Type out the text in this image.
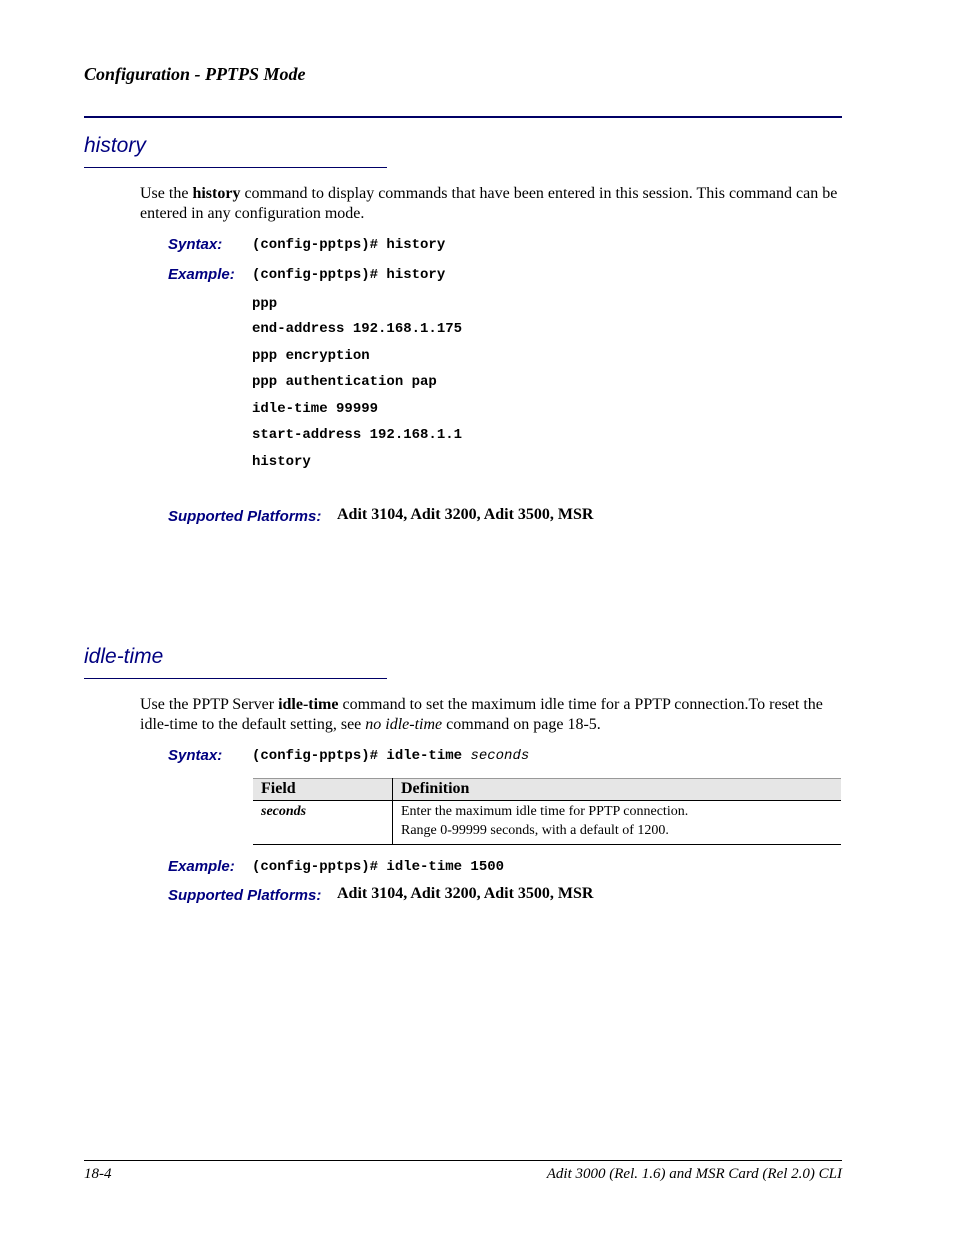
Configuration - PPTPS Mode
history
Use the history command to display commands that have been entered in this session. This command can be entered in any configuration mode.
Syntax: (config-pptps)# history
Example: (config-pptps)# history
ppp
end-address 192.168.1.175
ppp encryption
ppp authentication pap
idle-time 99999
start-address 192.168.1.1
history
Supported Platforms: Adit 3104, Adit 3200, Adit 3500, MSR
idle-time
Use the PPTP Server idle-time command to set the maximum idle time for a PPTP connection.To reset the idle-time to the default setting, see no idle-time command on page 18-5.
Syntax: (config-pptps)# idle-time seconds
Field	Definition
seconds	Enter the maximum idle time for PPTP connection.
Range 0-99999 seconds, with a default of 1200.
Example: (config-pptps)# idle-time 1500
Supported Platforms: Adit 3104, Adit 3200, Adit 3500, MSR
18-4	Adit 3000 (Rel. 1.6) and MSR Card (Rel 2.0) CLI
